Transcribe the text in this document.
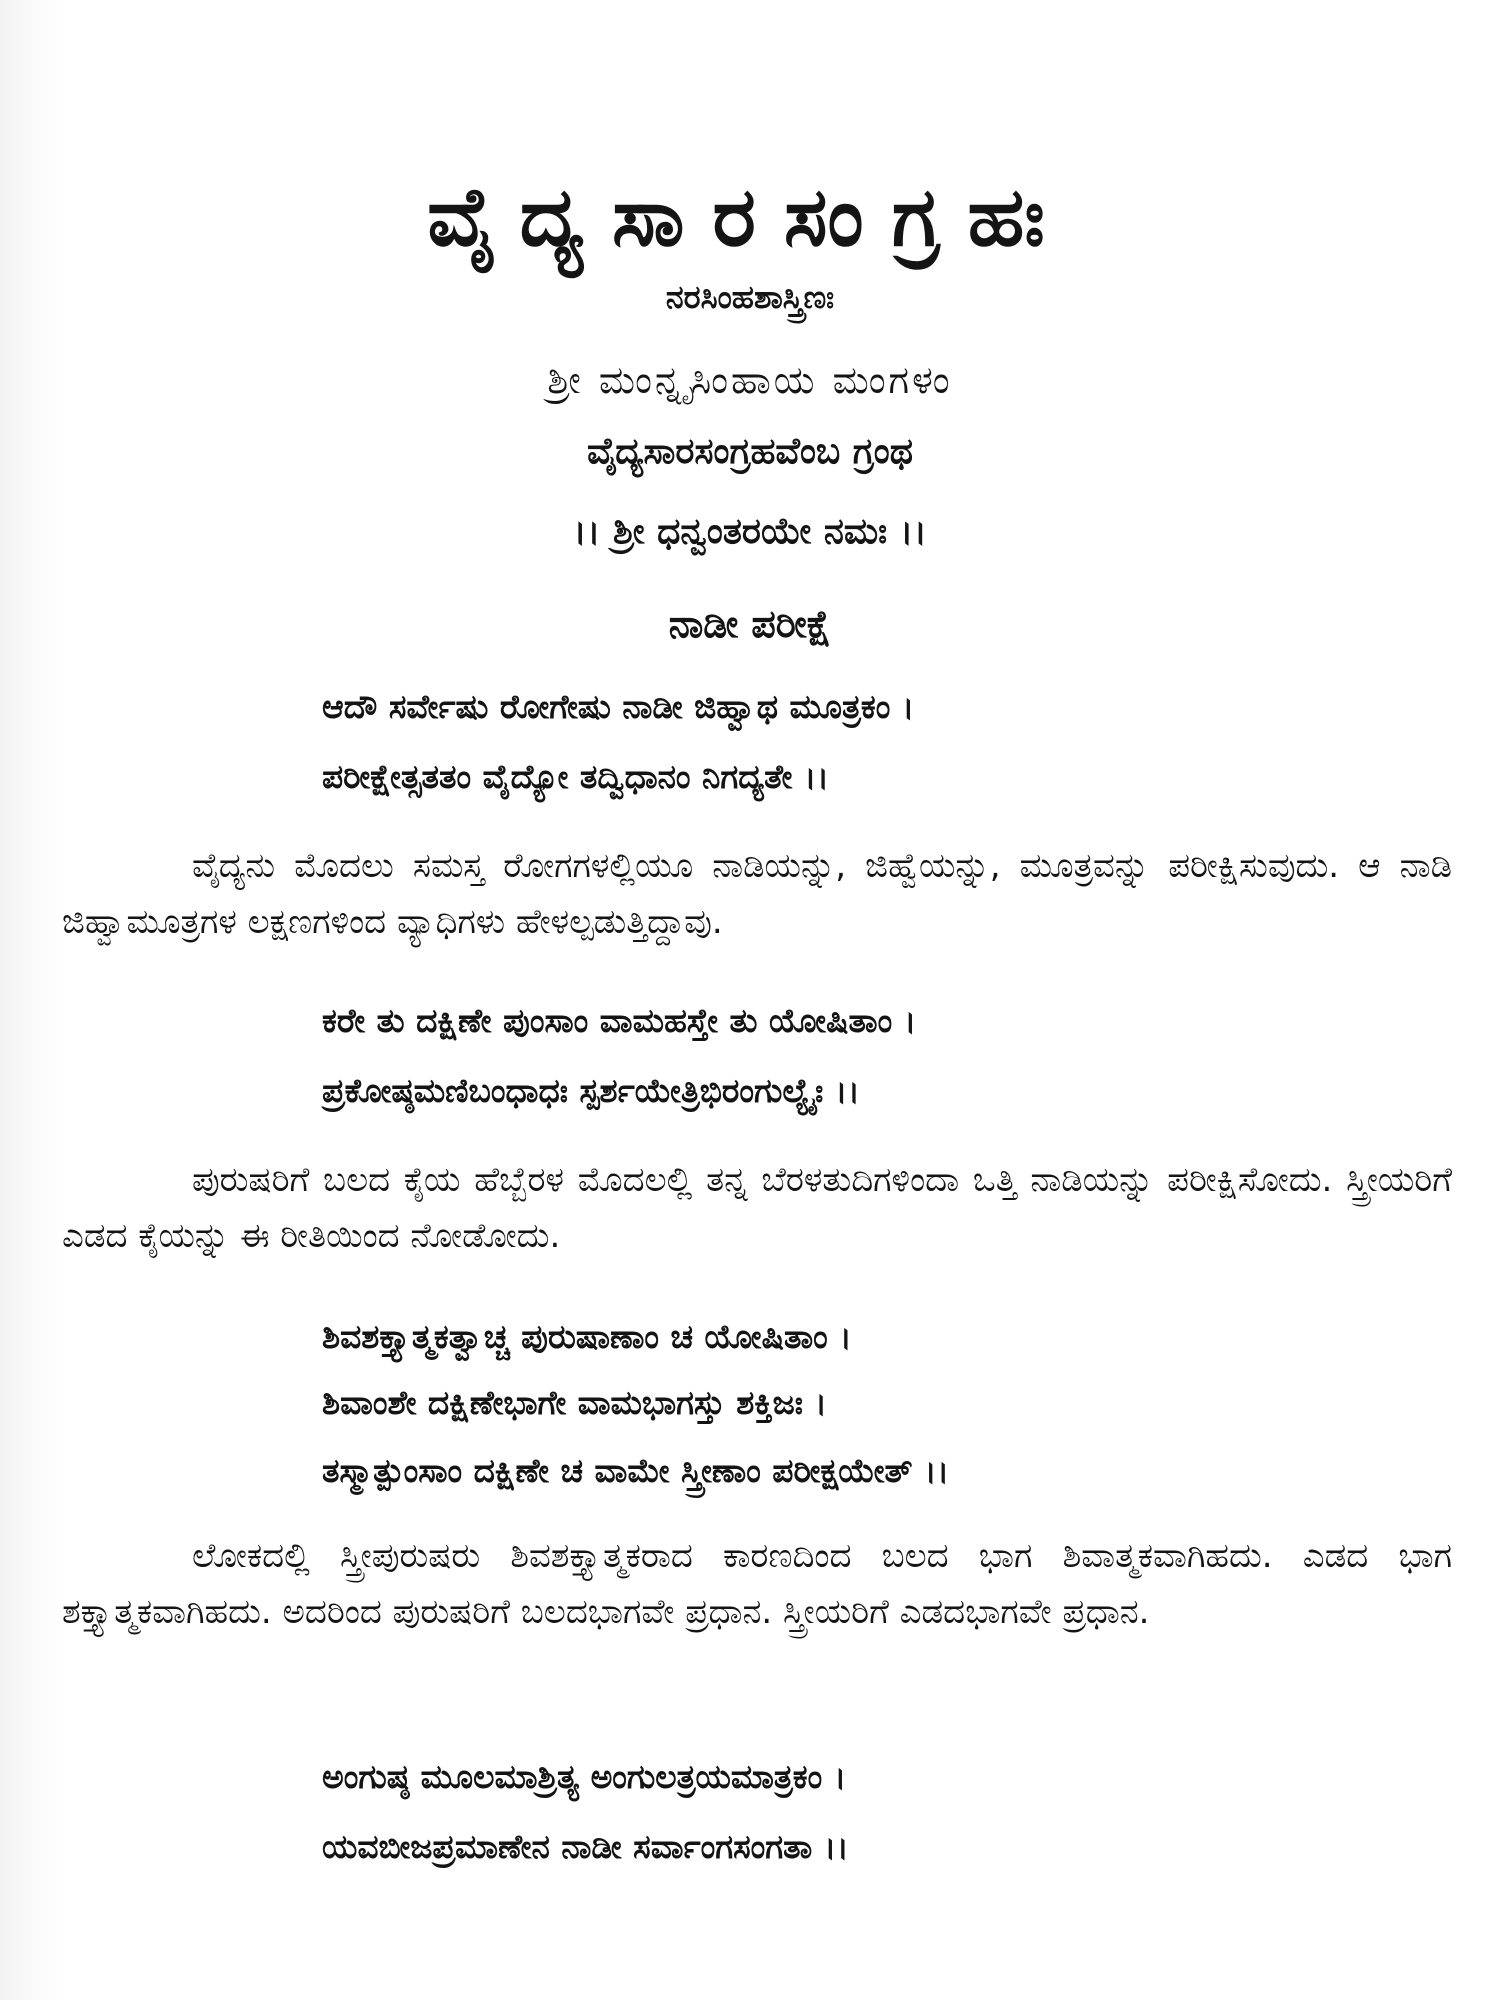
ವೈದ್ಯಸಾರಸಂಗ್ರಹಃ
ನರಸಿಂಹಶಾಸ್ತ್ರಿಣಃ
ಶ್ರೀ ಮಂನ್ನೃಸಿಂಹಾಯ ಮಂಗಳಂ
ವೈದ್ಯಸಾರಸಂಗ್ರಹವೆಂಬ ಗ್ರಂಥ
।। ಶ್ರೀ ಧನ್ವಂತರಯೇ ನಮಃ ।।
ನಾಡೀ ಪರೀಕ್ಷೆ
ಆದೌ ಸರ್ವೇಷು ರೋಗೇಷು ನಾಡೀ ಜಿಹ್ವಾಥ ಮೂತ್ರಕಂ ।
ಪರೀಕ್ಷೇತ್ಸತತಂ ವೈದ್ಯೋ ತದ್ವಿಧಾನಂ ನಿಗದ್ಯತೇ ।।

ವೈದ್ಯನು ಮೊದಲು ಸಮಸ್ತ ರೋಗಗಳಲ್ಲಿಯೂ ನಾಡಿಯನ್ನು, ಜಿಹ್ವೆಯನ್ನು, ಮೂತ್ರವನ್ನು ಪರೀಕ್ಷಿಸುವುದು. ಆ ನಾಡಿ ಜಿಹ್ವಾಮೂತ್ರಗಳ ಲಕ್ಷಣಗಳಿಂದ ವ್ಯಾಧಿಗಳು ಹೇಳಲ್ಪಡುತ್ತಿದ್ದಾವು.

ಕರೇ ತು ದಕ್ಷಿಣೇ ಪುಂಸಾಂ ವಾಮಹಸ್ತೇ ತು ಯೋಷಿತಾಂ ।
ಪ್ರಕೋಷ್ಠಮಣಿಬಂಧಾಧಃ ಸ್ಪರ್ಶಯೇತ್ರಿಭಿರಂಗುಲ್ಯೈಃ ।।

ಪುರುಷರಿಗೆ ಬಲದ ಕೈಯ ಹೆಬ್ಬೆರಳ ಮೊದಲಲ್ಲಿ ತನ್ನ ಬೆರಳತುದಿಗಳಿಂದಾ ಒತ್ತಿ ನಾಡಿಯನ್ನು ಪರೀಕ್ಷಿಸೋದು. ಸ್ತ್ರೀಯರಿಗೆ ಎಡದ ಕೈಯನ್ನು ಈ ರೀತಿಯಿಂದ ನೋಡೋದು.

ಶಿವಶಕ್ತ್ಯಾತ್ಮಕತ್ವಾಚ್ಚ ಪುರುಷಾಣಾಂ ಚ ಯೋಷಿತಾಂ ।
ಶಿವಾಂಶೇ ದಕ್ಷಿಣೇಭಾಗೇ ವಾಮಭಾಗಸ್ತು ಶಕ್ತಿಜಃ ।
ತಸ್ಮಾತ್ಪುಂಸಾಂ ದಕ್ಷಿಣೇ ಚ ವಾಮೇ ಸ್ತ್ರೀಣಾಂ ಪರೀಕ್ಷಯೇತ್ ।।

ಲೋಕದಲ್ಲಿ ಸ್ತ್ರೀಪುರುಷರು ಶಿವಶಕ್ತ್ಯಾತ್ಮಕರಾದ ಕಾರಣದಿಂದ ಬಲದ ಭಾಗ ಶಿವಾತ್ಮಕವಾಗಿಹದು. ಎಡದ ಭಾಗ ಶಕ್ತ್ಯಾತ್ಮಕವಾಗಿಹದು. ಅದರಿಂದ ಪುರುಷರಿಗೆ ಬಲದಭಾಗವೇ ಪ್ರಧಾನ. ಸ್ತ್ರೀಯರಿಗೆ ಎಡದಭಾಗವೇ ಪ್ರಧಾನ.

ಅಂಗುಷ್ಠ ಮೂಲಮಾಶ್ರಿತ್ಯ ಅಂಗುಲತ್ರಯಮಾತ್ರಕಂ ।
ಯವಬೀಜಪ್ರಮಾಣೇನ ನಾಡೀ ಸರ್ವಾಂಗಸಂಗತಾ ।।
